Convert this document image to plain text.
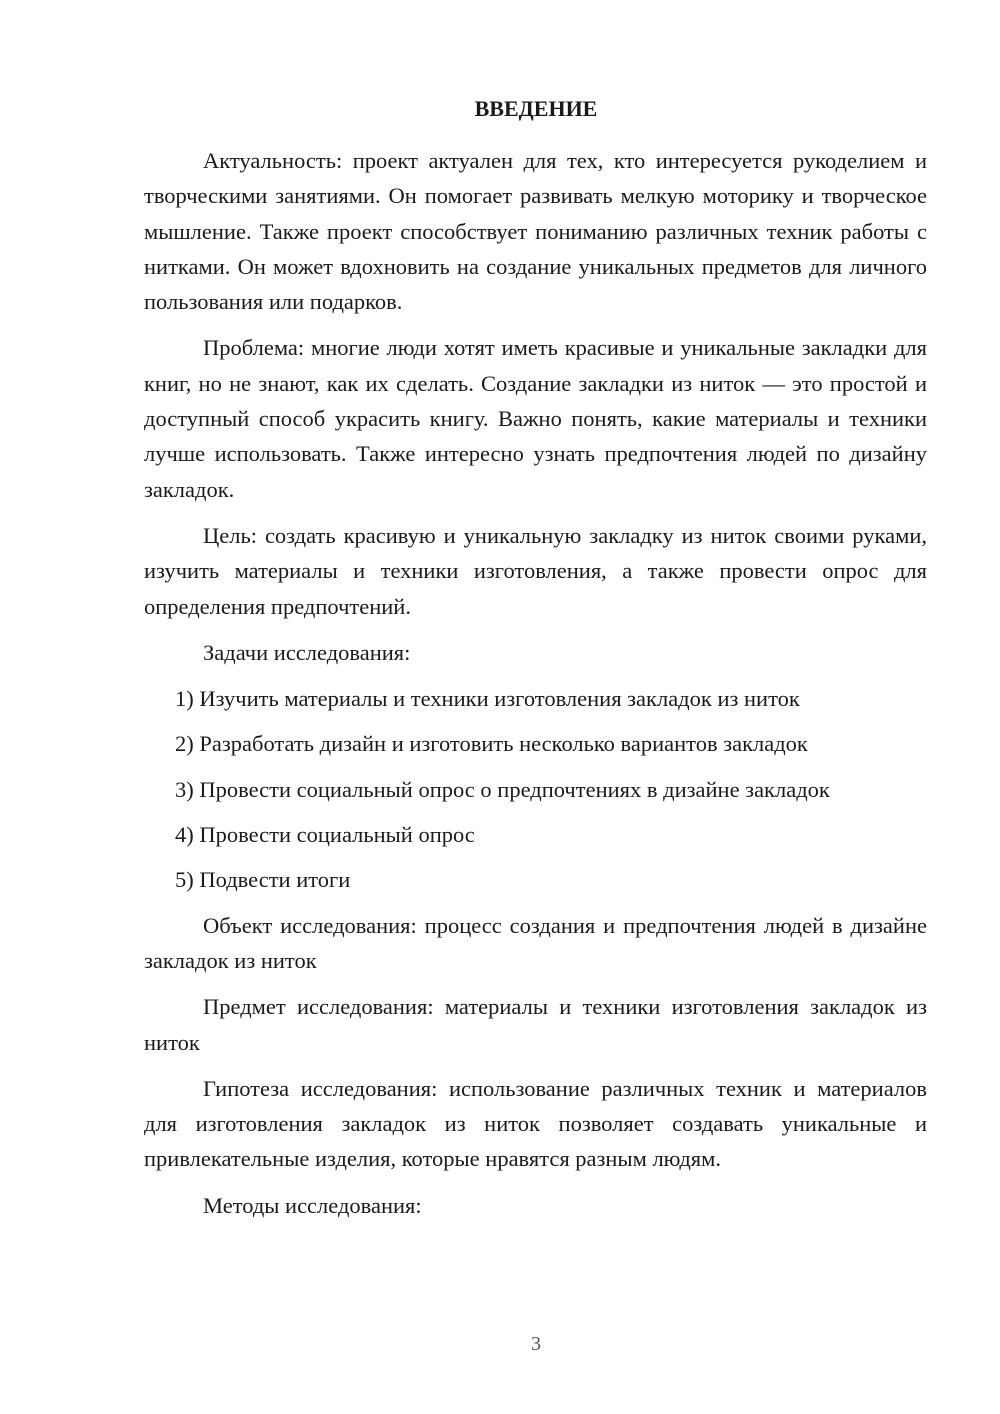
ВВЕДЕНИЕ

Актуальность: проект актуален для тех, кто интересуется рукоделием и творческими занятиями. Он помогает развивать мелкую моторику и творческое мышление. Также проект способствует пониманию различных техник работы с нитками. Он может вдохновить на создание уникальных предметов для личного пользования или подарков.

Проблема: многие люди хотят иметь красивые и уникальные закладки для книг, но не знают, как их сделать. Создание закладки из ниток — это простой и доступный способ украсить книгу. Важно понять, какие материалы и техники лучше использовать. Также интересно узнать предпочтения людей по дизайну закладок.

Цель: создать красивую и уникальную закладку из ниток своими руками, изучить материалы и техники изготовления, а также провести опрос для определения предпочтений.

Задачи исследования:

1) Изучить материалы и техники изготовления закладок из ниток
2) Разработать дизайн и изготовить несколько вариантов закладок
3) Провести социальный опрос о предпочтениях в дизайне закладок
4) Провести социальный опрос
5) Подвести итоги

Объект исследования: процесс создания и предпочтения людей в дизайне закладок из ниток

Предмет исследования: материалы и техники изготовления закладок из ниток

Гипотеза исследования: использование различных техник и материалов для изготовления закладок из ниток позволяет создавать уникальные и привлекательные изделия, которые нравятся разным людям.

Методы исследования:

3
